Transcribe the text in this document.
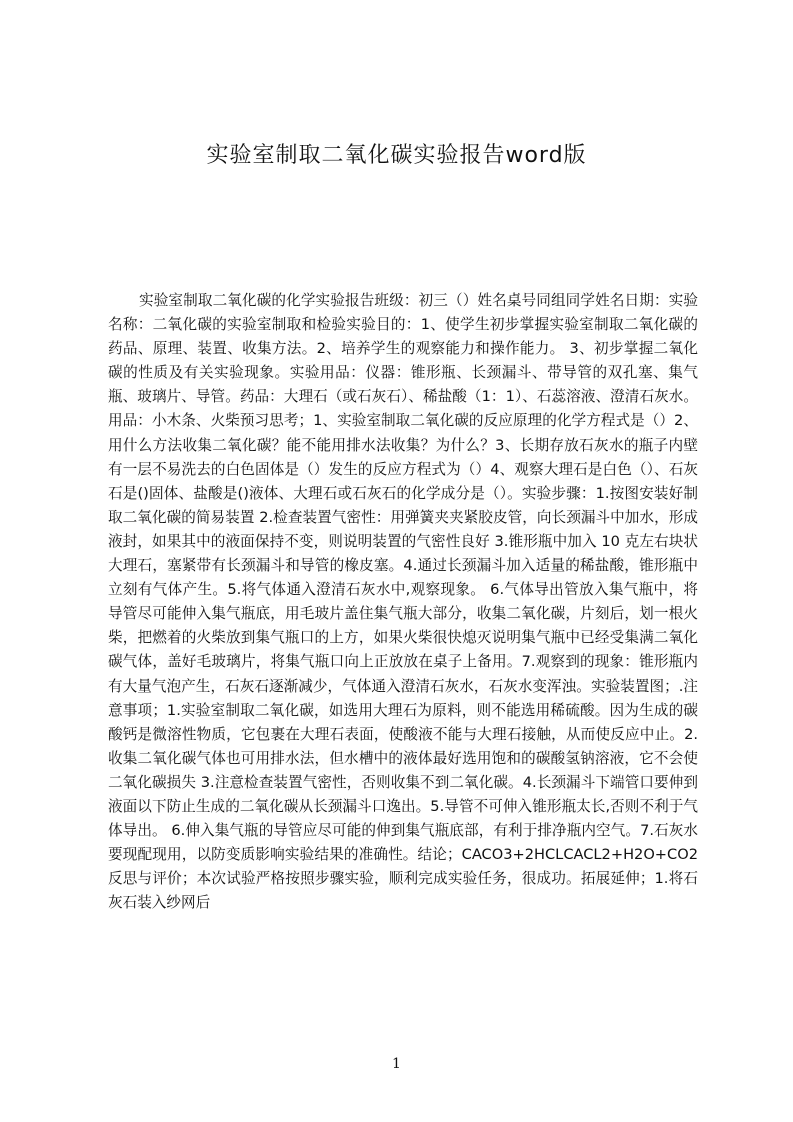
实验室制取二氧化碳实验报告word版

实验室制取二氧化碳的化学实验报告班级：初三（）姓名桌号同组同学姓名日期：实验名称：二氧化碳的实验室制取和检验实验目的：1、使学生初步掌握实验室制取二氧化碳的药品、原理、装置、收集方法。2、培养学生的观察能力和操作能力。 3、初步掌握二氧化碳的性质及有关实验现象。实验用品：仪器：锥形瓶、长颈漏斗、带导管的双孔塞、集气瓶、玻璃片、导管。药品：大理石（或石灰石）、稀盐酸（1：1）、石蕊溶液、澄清石灰水。用品：小木条、火柴预习思考；1、实验室制取二氧化碳的反应原理的化学方程式是（）2、用什么方法收集二氧化碳？能不能用排水法收集？为什么？3、长期存放石灰水的瓶子内壁有一层不易洗去的白色固体是（）发生的反应方程式为（）4、观察大理石是白色（）、石灰石是()固体、盐酸是()液体、大理石或石灰石的化学成分是（）。实验步骤：1.按图安装好制取二氧化碳的简易装置 2.检查装置气密性：用弹簧夹夹紧胶皮管，向长颈漏斗中加水，形成液封，如果其中的液面保持不变，则说明装置的气密性良好 3.锥形瓶中加入 10 克左右块状大理石，塞紧带有长颈漏斗和导管的橡皮塞。4.通过长颈漏斗加入适量的稀盐酸，锥形瓶中立刻有气体产生。5.将气体通入澄清石灰水中,观察现象。 6.气体导出管放入集气瓶中，将导管尽可能伸入集气瓶底，用毛玻片盖住集气瓶大部分，收集二氧化碳，片刻后，划一根火柴，把燃着的火柴放到集气瓶口的上方，如果火柴很快熄灭说明集气瓶中已经受集满二氧化碳气体，盖好毛玻璃片，将集气瓶口向上正放放在桌子上备用。7.观察到的现象：锥形瓶内有大量气泡产生，石灰石逐渐减少，气体通入澄清石灰水，石灰水变浑浊。实验装置图；.注意事项；1.实验室制取二氧化碳，如选用大理石为原料，则不能选用稀硫酸。因为生成的碳酸钙是微溶性物质，它包裹在大理石表面，使酸液不能与大理石接触，从而使反应中止。2.收集二氧化碳气体也可用排水法，但水槽中的液体最好选用饱和的碳酸氢钠溶液，它不会使二氧化碳损失 3.注意检查装置气密性，否则收集不到二氧化碳。4.长颈漏斗下端管口要伸到液面以下防止生成的二氧化碳从长颈漏斗口逸出。5.导管不可伸入锥形瓶太长,否则不利于气体导出。 6.伸入集气瓶的导管应尽可能的伸到集气瓶底部，有利于排净瓶内空气。7.石灰水要现配现用，以防变质影响实验结果的准确性。结论；CACO3+2HCLCACL2+H2O+CO2 反思与评价；本次试验严格按照步骤实验，顺利完成实验任务，很成功。拓展延伸；1.将石灰石装入纱网后

1
